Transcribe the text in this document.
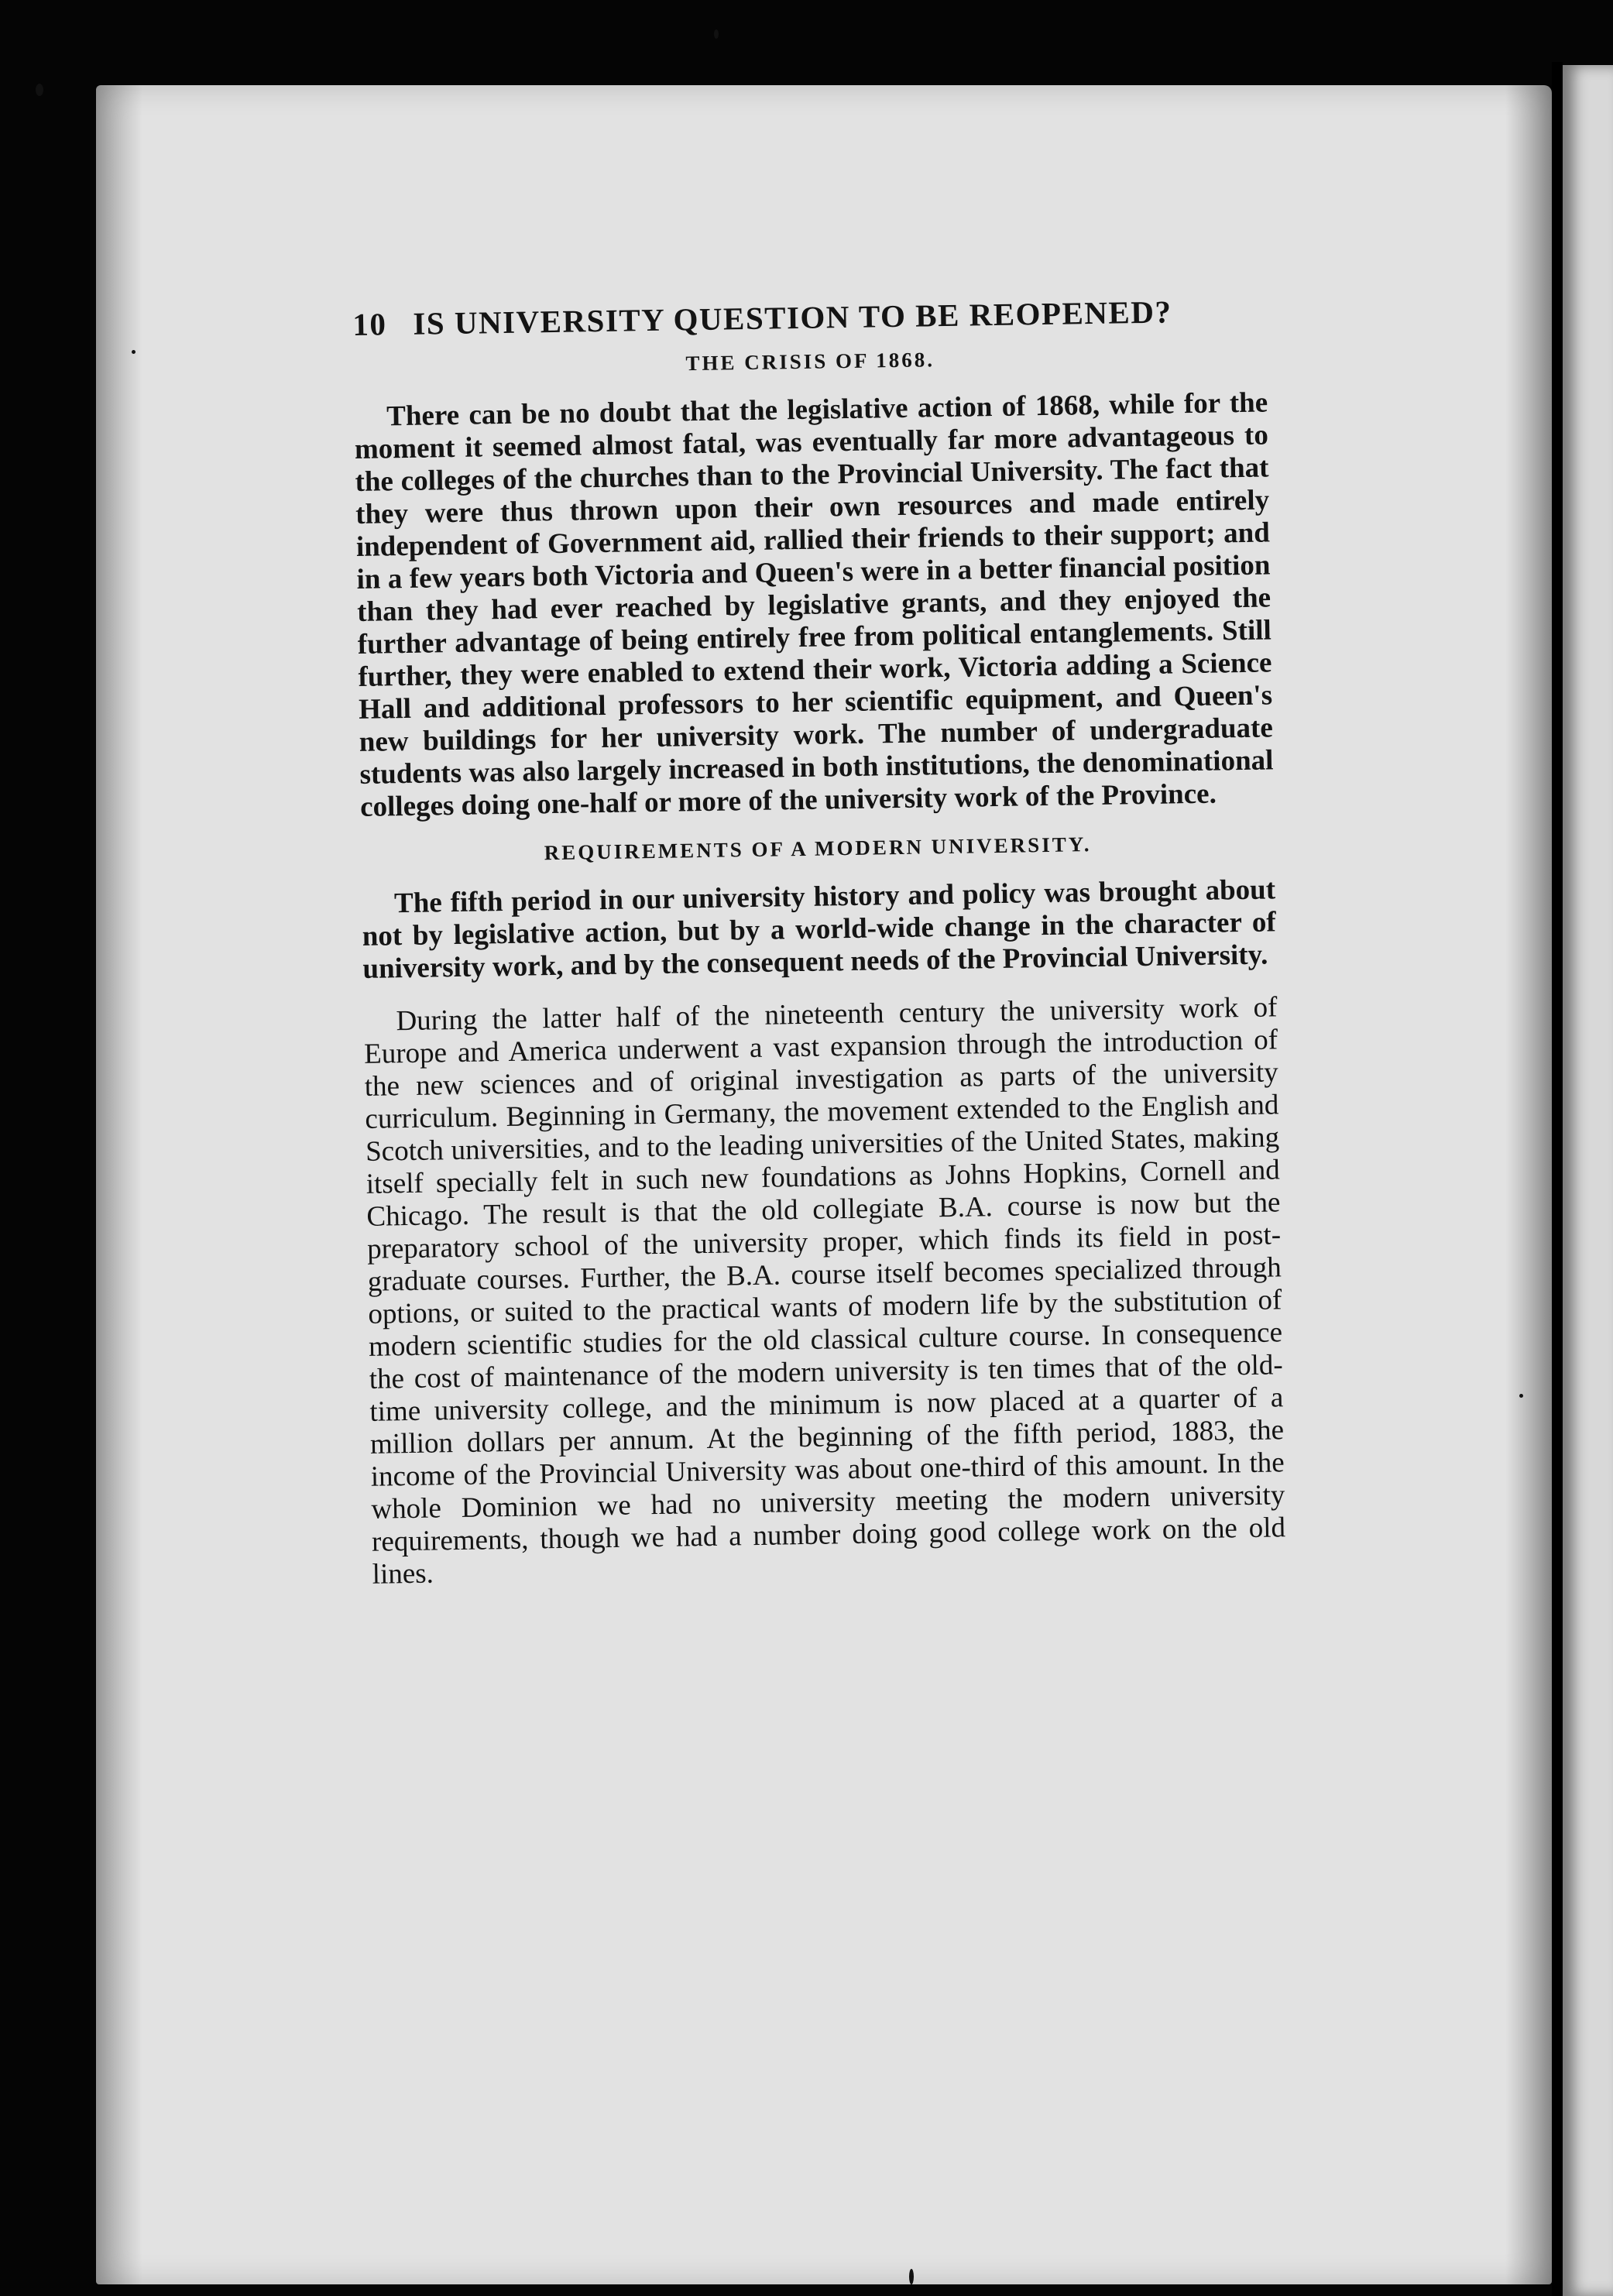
10 IS UNIVERSITY QUESTION TO BE REOPENED?
THE CRISIS OF 1868.

There can be no doubt that the legislative action of 1868, while for the moment it seemed almost fatal, was eventually far more advantageous to the colleges of the churches than to the Provincial University. The fact that they were thus thrown upon their own resources and made entirely independent of Government aid, rallied their friends to their support; and in a few years both Victoria and Queen's were in a better financial position than they had ever reached by legislative grants, and they enjoyed the further advantage of being entirely free from political entanglements. Still further, they were enabled to extend their work, Victoria adding a Science Hall and additional professors to her scientific equipment, and Queen's new buildings for her university work. The number of undergraduate students was also largely increased in both institutions, the denominational colleges doing one-half or more of the university work of the Province.

REQUIREMENTS OF A MODERN UNIVERSITY.

The fifth period in our university history and policy was brought about not by legislative action, but by a world-wide change in the character of university work, and by the consequent needs of the Provincial University.

During the latter half of the nineteenth century the university work of Europe and America underwent a vast expansion through the introduction of the new sciences and of original investigation as parts of the university curriculum. Beginning in Germany, the movement extended to the English and Scotch universities, and to the leading universities of the United States, making itself specially felt in such new foundations as Johns Hopkins, Cornell and Chicago. The result is that the old collegiate B.A. course is now but the preparatory school of the university proper, which finds its field in post-graduate courses. Further, the B.A. course itself becomes specialized through options, or suited to the practical wants of modern life by the substitution of modern scientific studies for the old classical culture course. In consequence the cost of maintenance of the modern university is ten times that of the old-time university college, and the minimum is now placed at a quarter of a million dollars per annum. At the beginning of the fifth period, 1883, the income of the Provincial University was about one-third of this amount. In the whole Dominion we had no university meeting the modern university requirements, though we had a number doing good college work on the old lines.
